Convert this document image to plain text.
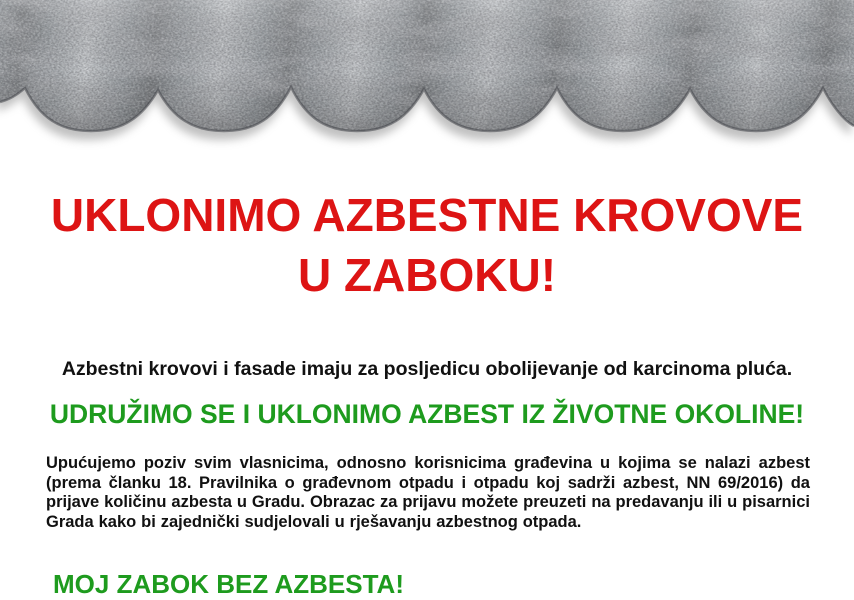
UKLONIMO AZBESTNE KROVOVE
U ZABOKU!

Azbestni krovovi i fasade imaju za posljedicu obolijevanje od karcinoma pluća.

UDRUŽIMO SE I UKLONIMO AZBEST IZ ŽIVOTNE OKOLINE!

Upućujemo poziv svim vlasnicima, odnosno korisnicima građevina u kojima se nalazi azbest
(prema članku 18. Pravilnika o građevnom otpadu i otpadu koj sadrži azbest, NN 69/2016) da
prijave količinu azbesta u Gradu. Obrazac za prijavu možete preuzeti na predavanju ili u pisarnici
Grada kako bi zajednički sudjelovali u rješavanju azbestnog otpada.

MOJ ZABOK BEZ AZBESTA!
